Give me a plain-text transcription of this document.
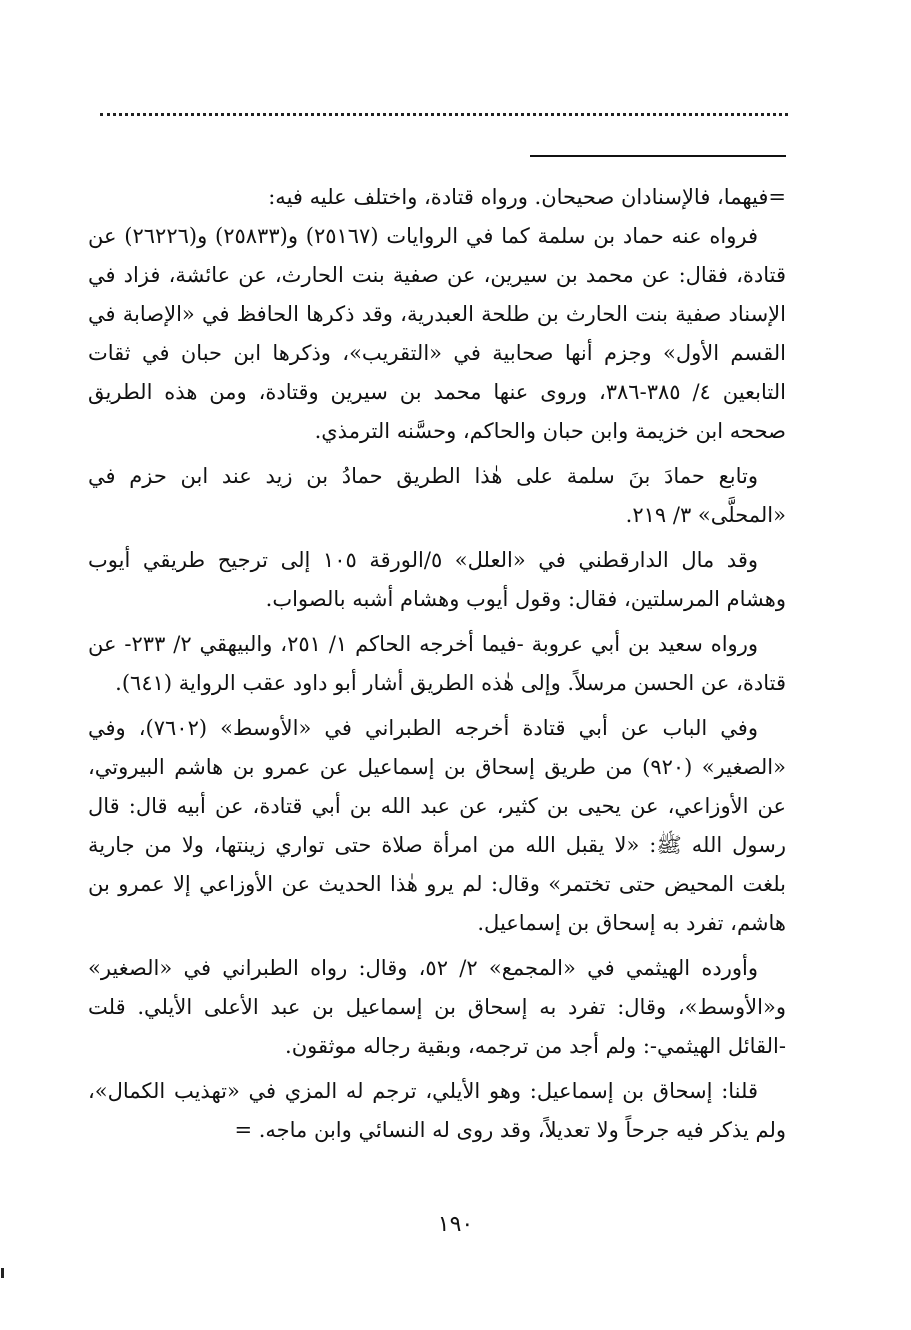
=فيهما، فالإسنادان صحيحان. ورواه قتادة، واختلف عليه فيه:

فرواه عنه حماد بن سلمة كما في الروايات (٢٥١٦٧) و(٢٥٨٣٣) و(٢٦٢٢٦) عن قتادة، فقال: عن محمد بن سيرين، عن صفية بنت الحارث، عن عائشة، فزاد في الإسناد صفية بنت الحارث بن طلحة العبدرية، وقد ذكرها الحافظ في «الإصابة في القسم الأول» وجزم أنها صحابية في «التقريب»، وذكرها ابن حبان في ثقات التابعين ٤/ ٣٨٥-٣٨٦، وروى عنها محمد بن سيرين وقتادة، ومن هذه الطريق صححه ابن خزيمة وابن حبان والحاكم، وحسَّنه الترمذي.

وتابع حمادَ بنَ سلمة على هٰذا الطريق حمادُ بن زيد عند ابن حزم في «المحلَّى» ٣/ ٢١٩.

وقد مال الدارقطني في «العلل» ٥/الورقة ١٠٥ إلى ترجيح طريقي أيوب وهشام المرسلتين، فقال: وقول أيوب وهشام أشبه بالصواب.

ورواه سعيد بن أبي عروبة -فيما أخرجه الحاكم ١/ ٢٥١، والبيهقي ٢/ ٢٣٣- عن قتادة، عن الحسن مرسلاً. وإلى هٰذه الطريق أشار أبو داود عقب الرواية (٦٤١).

وفي الباب عن أبي قتادة أخرجه الطبراني في «الأوسط» (٧٦٠٢)، وفي «الصغير» (٩٢٠) من طريق إسحاق بن إسماعيل عن عمرو بن هاشم البيروتي، عن الأوزاعي، عن يحيى بن كثير، عن عبد الله بن أبي قتادة، عن أبيه قال: قال رسول الله ﷺ: «لا يقبل الله من امرأة صلاة حتى تواري زينتها، ولا من جارية بلغت المحيض حتى تختمر» وقال: لم يرو هٰذا الحديث عن الأوزاعي إلا عمرو بن هاشم، تفرد به إسحاق بن إسماعيل.

وأورده الهيثمي في «المجمع» ٢/ ٥٢، وقال: رواه الطبراني في «الصغير» و«الأوسط»، وقال: تفرد به إسحاق بن إسماعيل بن عبد الأعلى الأيلي. قلت -القائل الهيثمي-: ولم أجد من ترجمه، وبقية رجاله موثقون.

قلنا: إسحاق بن إسماعيل: وهو الأيلي، ترجم له المزي في «تهذيب الكمال»، ولم يذكر فيه جرحاً ولا تعديلاً، وقد روى له النسائي وابن ماجه. =

١٩٠
